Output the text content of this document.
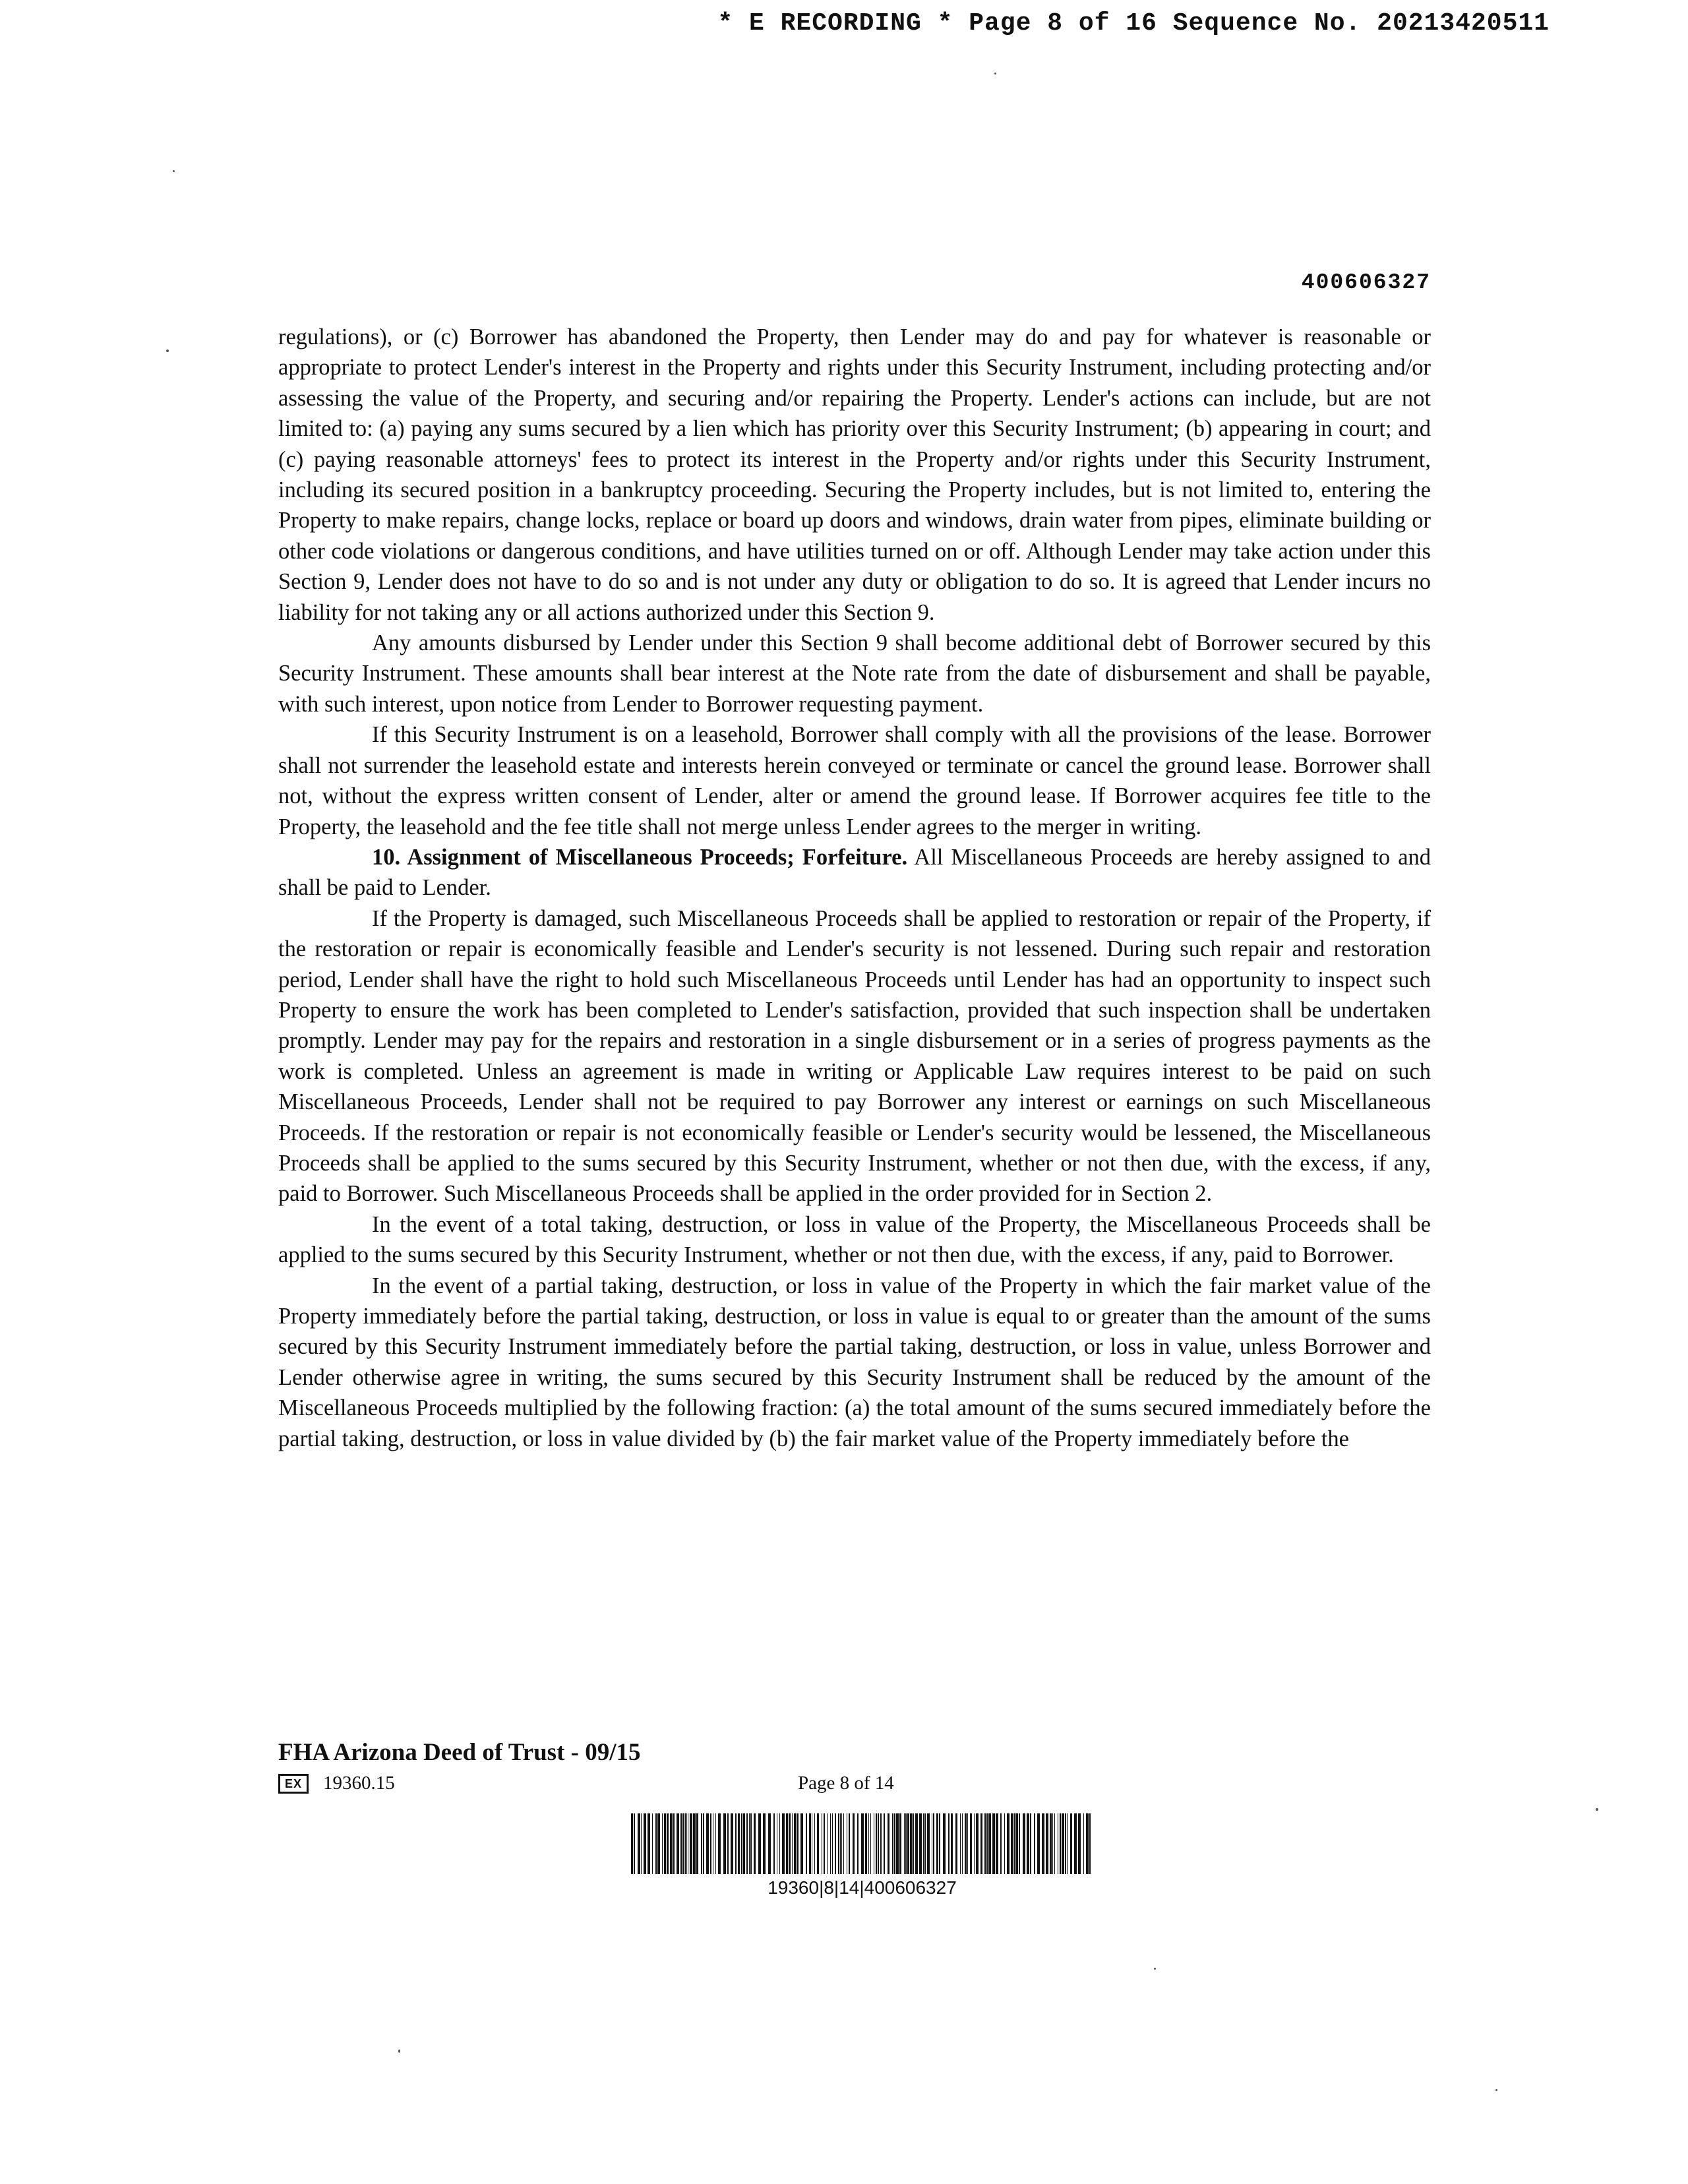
* E RECORDING * Page 8 of 16 Sequence No. 20213420511
400606327

regulations), or (c) Borrower has abandoned the Property, then Lender may do and pay for whatever is reasonable or appropriate to protect Lender's interest in the Property and rights under this Security Instrument, including protecting and/or assessing the value of the Property, and securing and/or repairing the Property. Lender's actions can include, but are not limited to: (a) paying any sums secured by a lien which has priority over this Security Instrument; (b) appearing in court; and (c) paying reasonable attorneys' fees to protect its interest in the Property and/or rights under this Security Instrument, including its secured position in a bankruptcy proceeding. Securing the Property includes, but is not limited to, entering the Property to make repairs, change locks, replace or board up doors and windows, drain water from pipes, eliminate building or other code violations or dangerous conditions, and have utilities turned on or off. Although Lender may take action under this Section 9, Lender does not have to do so and is not under any duty or obligation to do so. It is agreed that Lender incurs no liability for not taking any or all actions authorized under this Section 9.

Any amounts disbursed by Lender under this Section 9 shall become additional debt of Borrower secured by this Security Instrument. These amounts shall bear interest at the Note rate from the date of disbursement and shall be payable, with such interest, upon notice from Lender to Borrower requesting payment.

If this Security Instrument is on a leasehold, Borrower shall comply with all the provisions of the lease. Borrower shall not surrender the leasehold estate and interests herein conveyed or terminate or cancel the ground lease. Borrower shall not, without the express written consent of Lender, alter or amend the ground lease. If Borrower acquires fee title to the Property, the leasehold and the fee title shall not merge unless Lender agrees to the merger in writing.

10. Assignment of Miscellaneous Proceeds; Forfeiture. All Miscellaneous Proceeds are hereby assigned to and shall be paid to Lender.

If the Property is damaged, such Miscellaneous Proceeds shall be applied to restoration or repair of the Property, if the restoration or repair is economically feasible and Lender's security is not lessened. During such repair and restoration period, Lender shall have the right to hold such Miscellaneous Proceeds until Lender has had an opportunity to inspect such Property to ensure the work has been completed to Lender's satisfaction, provided that such inspection shall be undertaken promptly. Lender may pay for the repairs and restoration in a single disbursement or in a series of progress payments as the work is completed. Unless an agreement is made in writing or Applicable Law requires interest to be paid on such Miscellaneous Proceeds, Lender shall not be required to pay Borrower any interest or earnings on such Miscellaneous Proceeds. If the restoration or repair is not economically feasible or Lender's security would be lessened, the Miscellaneous Proceeds shall be applied to the sums secured by this Security Instrument, whether or not then due, with the excess, if any, paid to Borrower. Such Miscellaneous Proceeds shall be applied in the order provided for in Section 2.

In the event of a total taking, destruction, or loss in value of the Property, the Miscellaneous Proceeds shall be applied to the sums secured by this Security Instrument, whether or not then due, with the excess, if any, paid to Borrower.

In the event of a partial taking, destruction, or loss in value of the Property in which the fair market value of the Property immediately before the partial taking, destruction, or loss in value is equal to or greater than the amount of the sums secured by this Security Instrument immediately before the partial taking, destruction, or loss in value, unless Borrower and Lender otherwise agree in writing, the sums secured by this Security Instrument shall be reduced by the amount of the Miscellaneous Proceeds multiplied by the following fraction: (a) the total amount of the sums secured immediately before the partial taking, destruction, or loss in value divided by (b) the fair market value of the Property immediately before the

FHA Arizona Deed of Trust - 09/15
EX	19360.15	Page 8 of 14
19360|8|14|400606327
